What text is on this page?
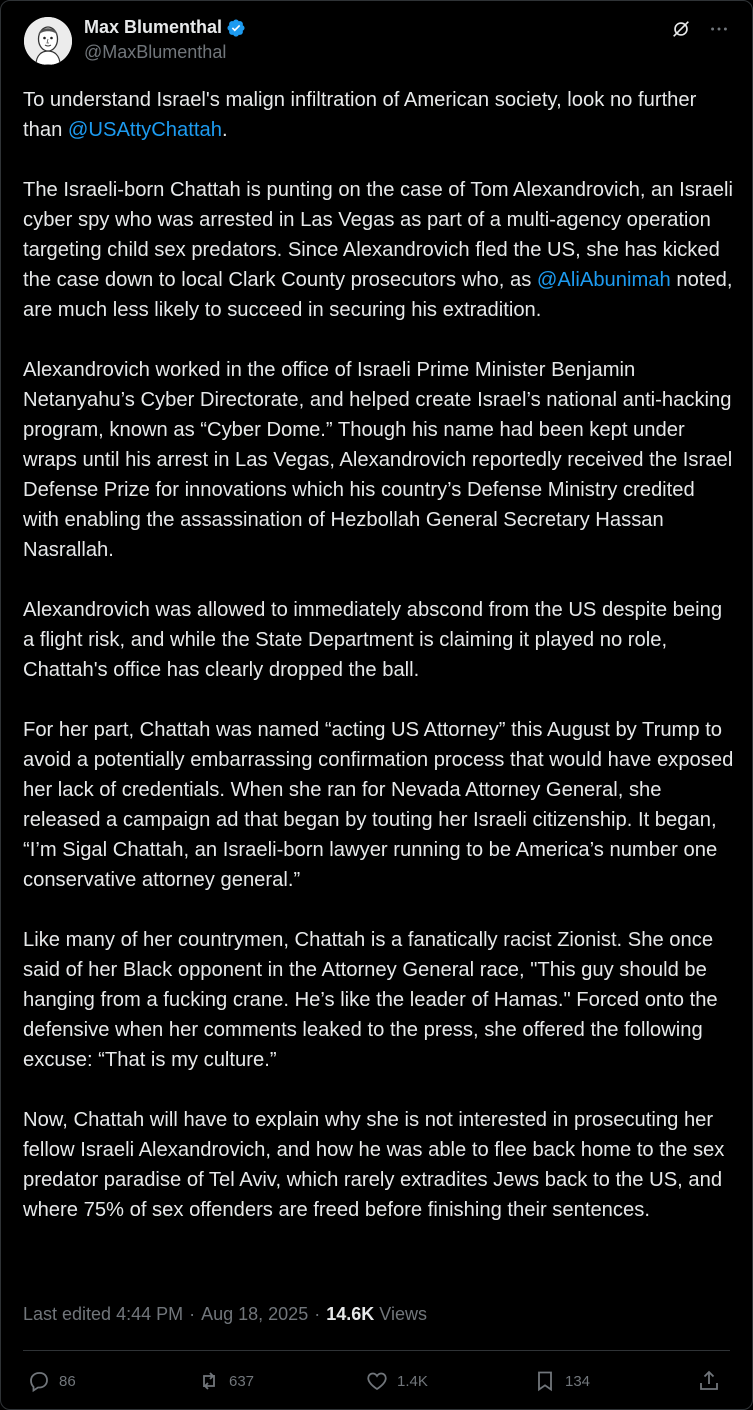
Max Blumenthal
@MaxBlumenthal

To understand Israel's malign infiltration of American society, look no further than @USAttyChattah.

The Israeli-born Chattah is punting on the case of Tom Alexandrovich, an Israeli cyber spy who was arrested in Las Vegas as part of a multi-agency operation targeting child sex predators. Since Alexandrovich fled the US, she has kicked the case down to local Clark County prosecutors who, as @AliAbunimah noted, are much less likely to succeed in securing his extradition.

Alexandrovich worked in the office of Israeli Prime Minister Benjamin Netanyahu’s Cyber Directorate, and helped create Israel’s national anti-hacking program, known as “Cyber Dome.” Though his name had been kept under wraps until his arrest in Las Vegas, Alexandrovich reportedly received the Israel Defense Prize for innovations which his country’s Defense Ministry credited with enabling the assassination of Hezbollah General Secretary Hassan Nasrallah.

Alexandrovich was allowed to immediately abscond from the US despite being a flight risk, and while the State Department is claiming it played no role, Chattah's office has clearly dropped the ball.

For her part, Chattah was named “acting US Attorney” this August by Trump to avoid a potentially embarrassing confirmation process that would have exposed her lack of credentials. When she ran for Nevada Attorney General, she released a campaign ad that began by touting her Israeli citizenship. It began, “I’m Sigal Chattah, an Israeli-born lawyer running to be America’s number one conservative attorney general.”

Like many of her countrymen, Chattah is a fanatically racist Zionist. She once said of her Black opponent in the Attorney General race, "This guy should be hanging from a fucking crane. He’s like the leader of Hamas." Forced onto the defensive when her comments leaked to the press, she offered the following excuse: “That is my culture.”

Now, Chattah will have to explain why she is not interested in prosecuting her fellow Israeli Alexandrovich, and how he was able to flee back home to the sex predator paradise of Tel Aviv, which rarely extradites Jews back to the US, and where 75% of sex offenders are freed before finishing their sentences.

Last edited 4:44 PM · Aug 18, 2025 · 14.6K Views
86	637	1.4K	134
